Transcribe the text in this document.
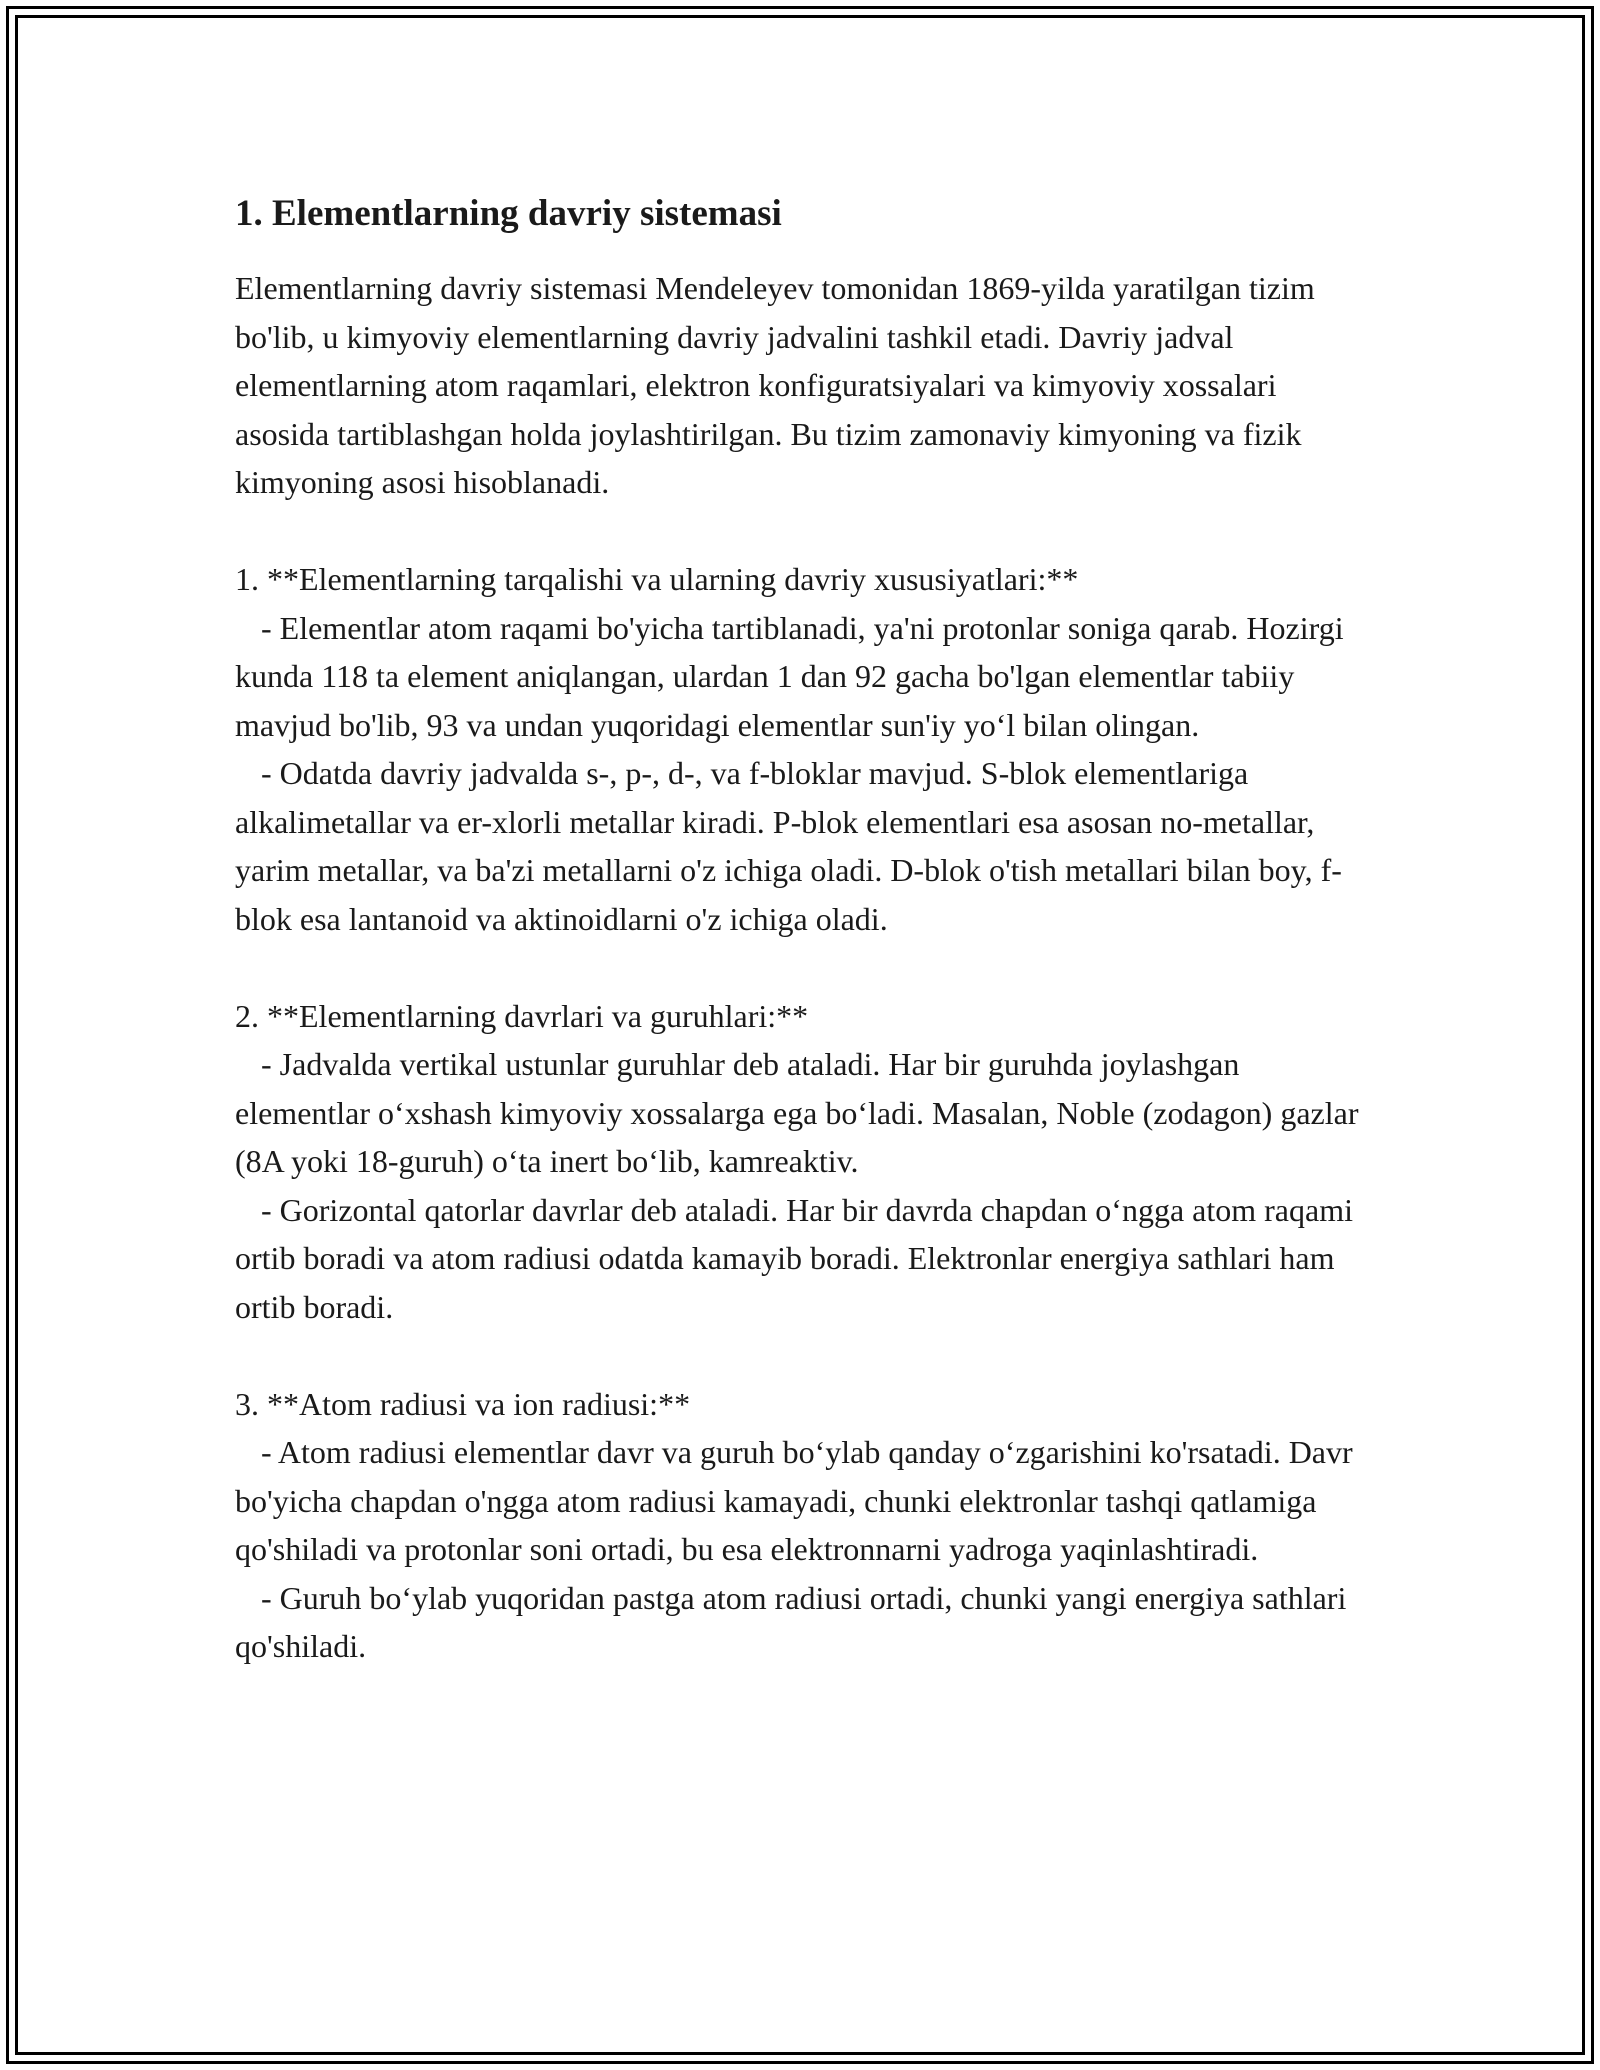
1. Elementlarning davriy sistemasi

Elementlarning davriy sistemasi Mendeleyev tomonidan 1869-yilda yaratilgan tizim bo'lib, u kimyoviy elementlarning davriy jadvalini tashkil etadi. Davriy jadval elementlarning atom raqamlari, elektron konfiguratsiyalari va kimyoviy xossalari asosida tartiblashgan holda joylashtirilgan. Bu tizim zamonaviy kimyoning va fizik kimyoning asosi hisoblanadi.

1. **Elementlarning tarqalishi va ularning davriy xususiyatlari:**

- Elementlar atom raqami bo'yicha tartiblanadi, ya'ni protonlar soniga qarab. Hozirgi kunda 118 ta element aniqlangan, ulardan 1 dan 92 gacha bo'lgan elementlar tabiiy mavjud bo'lib, 93 va undan yuqoridagi elementlar sun'iy yo‘l bilan olingan.

- Odatda davriy jadvalda s-, p-, d-, va f-bloklar mavjud. S-blok elementlariga alkalimetallar va er-xlorli metallar kiradi. P-blok elementlari esa asosan no-metallar, yarim metallar, va ba'zi metallarni o'z ichiga oladi. D-blok o'tish metallari bilan boy, f-blok esa lantanoid va aktinoidlarni o'z ichiga oladi.

2. **Elementlarning davrlari va guruhlari:**

- Jadvalda vertikal ustunlar guruhlar deb ataladi. Har bir guruhda joylashgan elementlar o‘xshash kimyoviy xossalarga ega bo‘ladi. Masalan, Noble (zodagon) gazlar (8A yoki 18-guruh) o‘ta inert bo‘lib, kamreaktiv.

- Gorizontal qatorlar davrlar deb ataladi. Har bir davrda chapdan o‘ngga atom raqami ortib boradi va atom radiusi odatda kamayib boradi. Elektronlar energiya sathlari ham ortib boradi.

3. **Atom radiusi va ion radiusi:**

- Atom radiusi elementlar davr va guruh bo‘ylab qanday o‘zgarishini ko'rsatadi. Davr bo'yicha chapdan o'ngga atom radiusi kamayadi, chunki elektronlar tashqi qatlamiga qo'shiladi va protonlar soni ortadi, bu esa elektronnarni yadroga yaqinlashtiradi.

- Guruh bo‘ylab yuqoridan pastga atom radiusi ortadi, chunki yangi energiya sathlari qo'shiladi.
